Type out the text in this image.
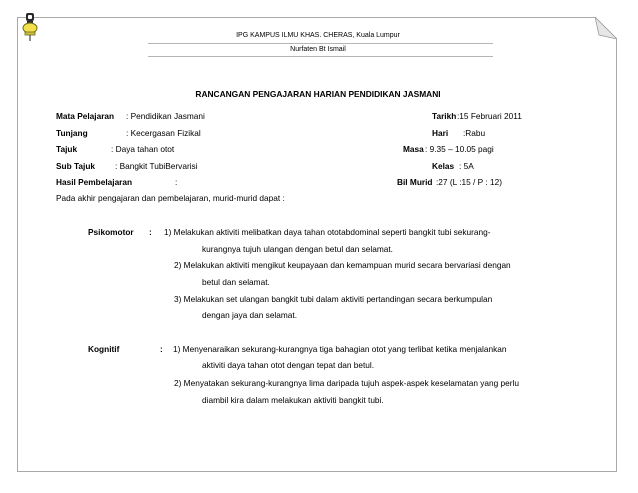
IPG KAMPUS ILMU KHAS. CHERAS, Kuala Lumpur
Nurfaten Bt Ismail
RANCANGAN PENGAJARAN HARIAN PENDIDIKAN JASMANI
Mata Pelajaran : Pendidikan Jasmani
Tunjang	: Kecergasan Fizikal
Tajuk	: Daya tahan otot
Sub Tajuk : Bangkit TubiBervarisi
Hasil Pembelajaran	:
Tarikh :15 Februari 2011
Hari :Rabu
Masa : 9.35 – 10.05 pagi
Kelas : 5A
Bil Murid :27 (L :15 / P : 12)
Pada akhir pengajaran dan pembelajaran, murid-murid dapat :
Psikomotor : 1) Melakukan aktiviti melibatkan daya tahan ototabdominal seperti bangkit tubi sekurang-
kurangnya tujuh ulangan dengan betul dan selamat.
2) Melakukan aktiviti mengikut keupayaan dan kemampuan murid secara bervariasi dengan
betul dan selamat.
3) Melakukan set ulangan bangkit tubi dalam aktiviti pertandingan secara berkumpulan
dengan jaya dan selamat.
Kognitif	: 1) Menyenaraikan sekurang-kurangnya tiga bahagian otot yang terlibat ketika menjalankan
aktiviti daya tahan otot dengan tepat dan betul.
2) Menyatakan sekurang-kurangnya lima daripada tujuh aspek-aspek keselamatan yang perlu
diambil kira dalam melakukan aktiviti bangkit tubi.
